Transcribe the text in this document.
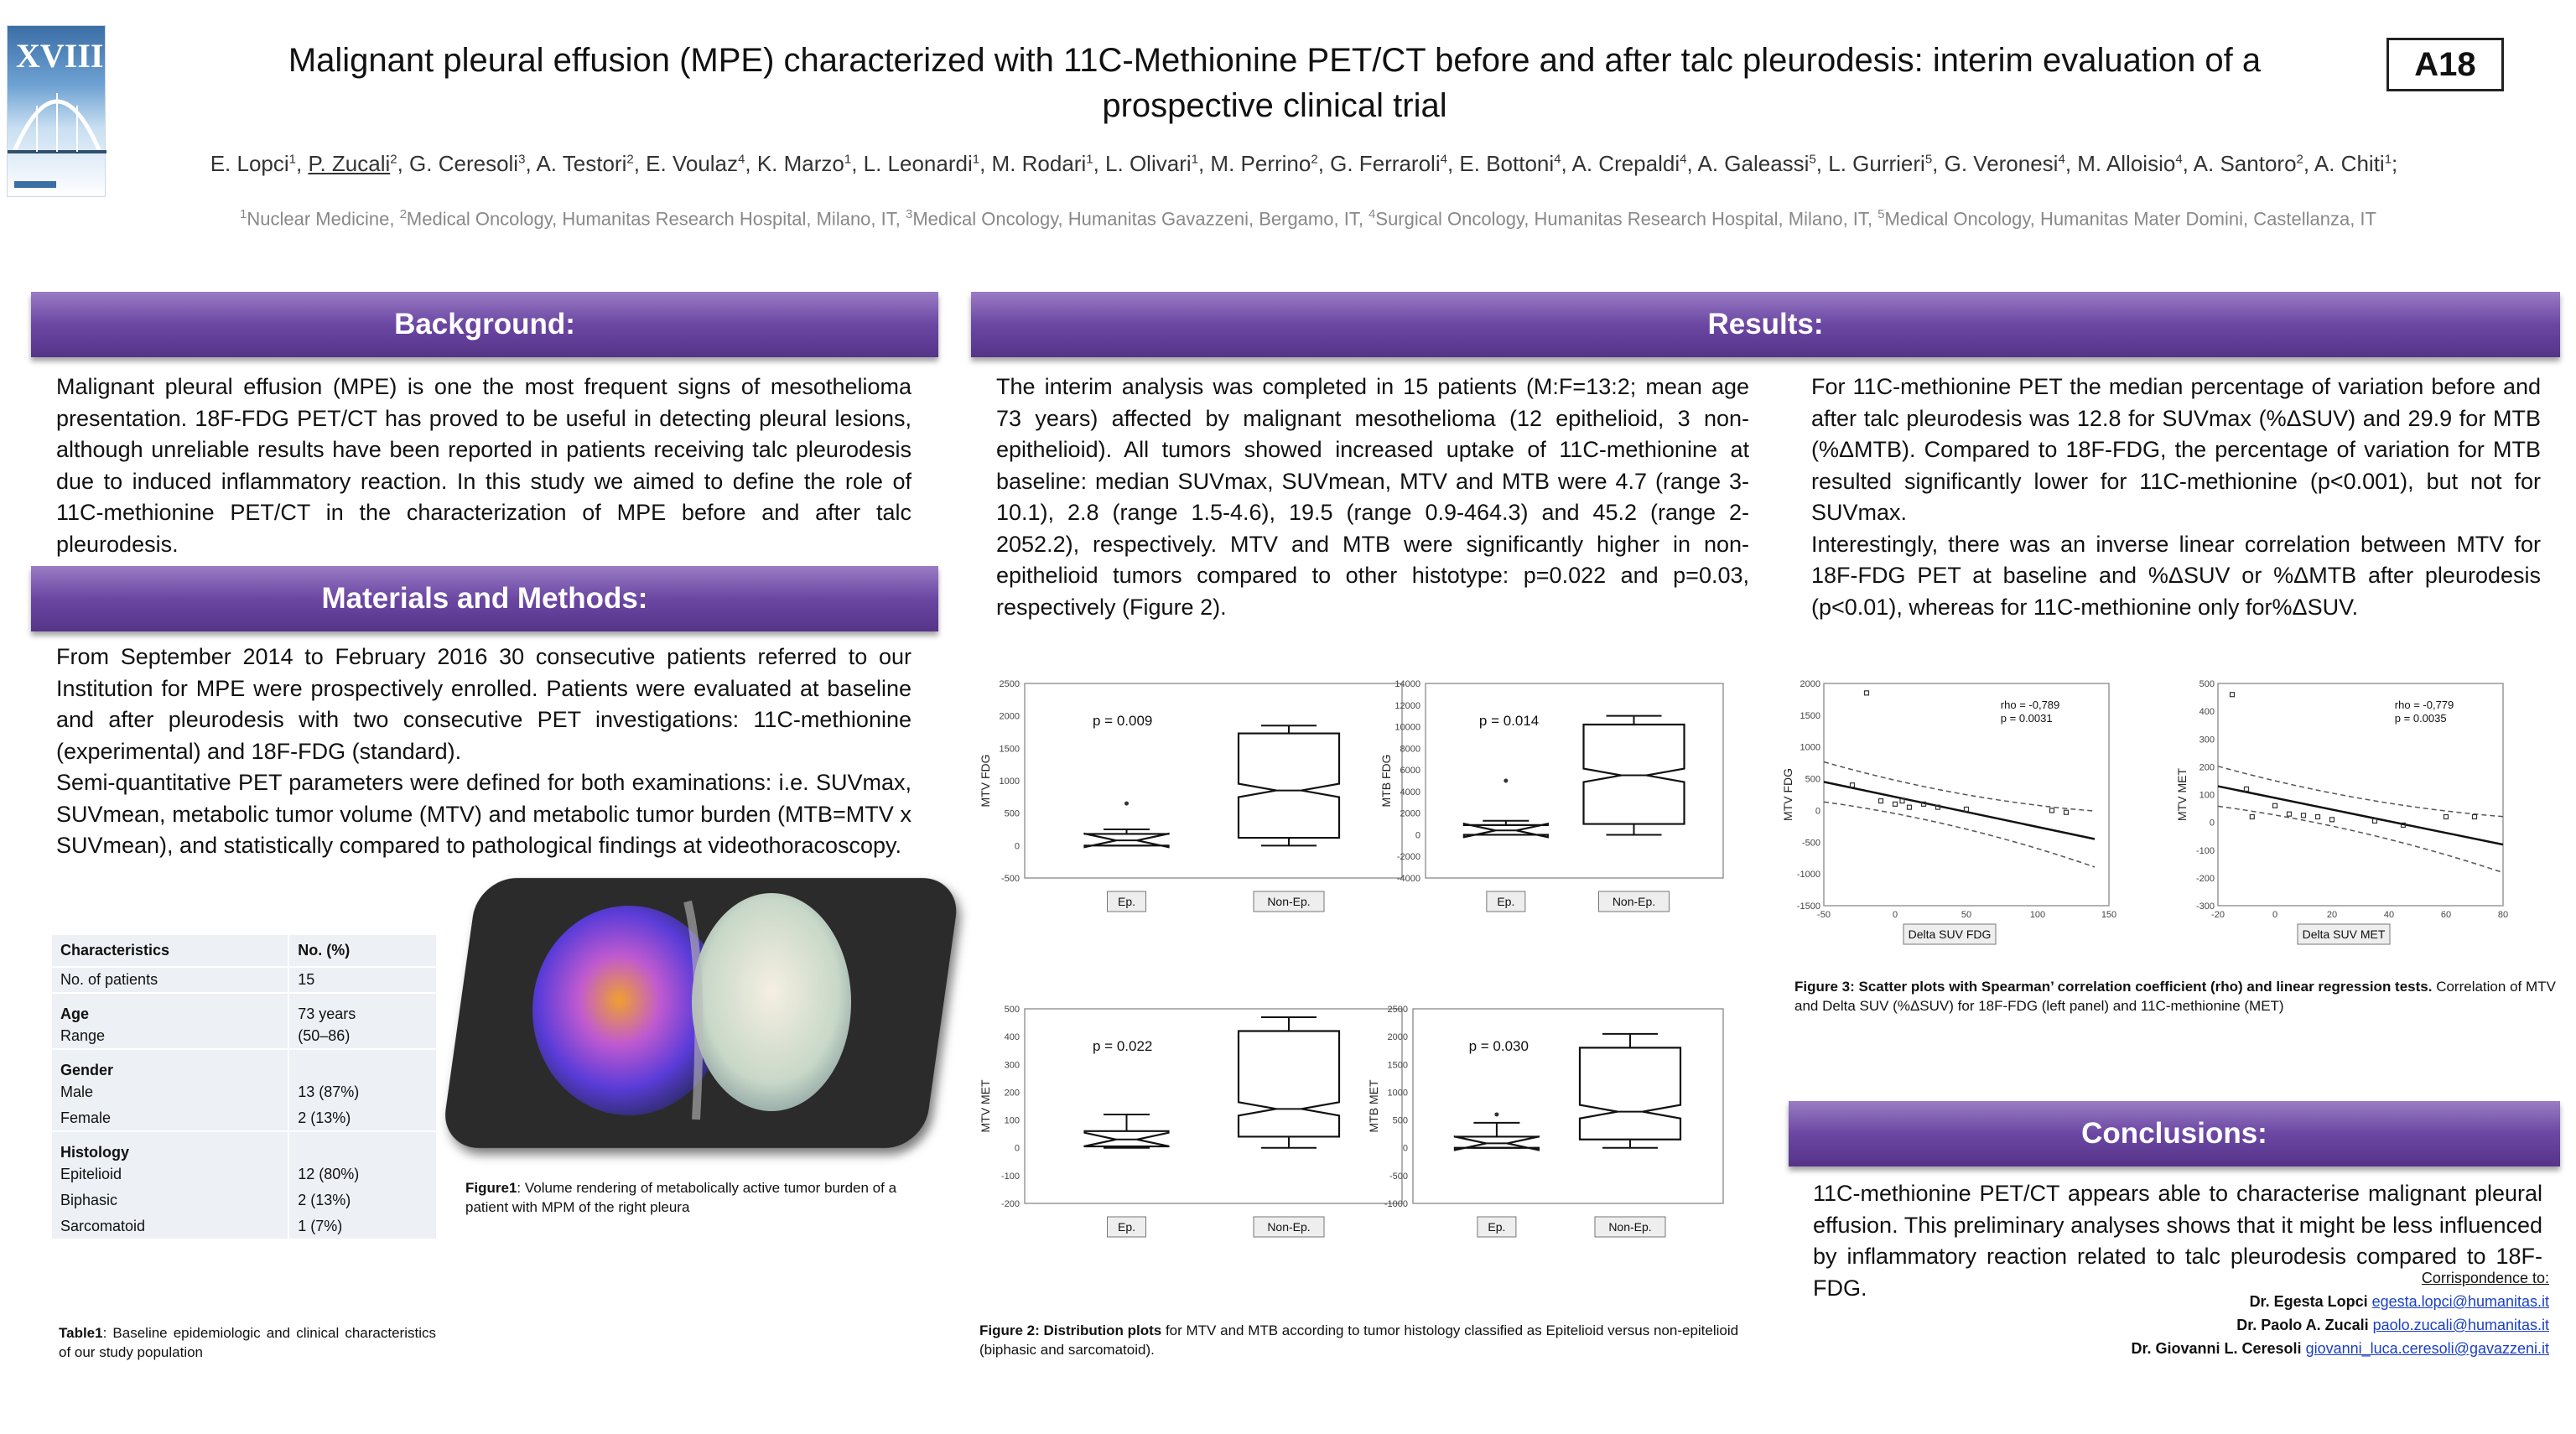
XVIII	Malignant pleural effusion (MPE) characterized with 11C-Methionine PET/CT before and after talc pleurodesis: interim evaluation of a prospective clinical trial
A18
E. Lopci$^1$, P. Zucali$^2$, G. Ceresoli$^3$, A. Testori$^2$, E. Voulaz$^4$, K. Marzo$^1$, L. Leonardi$^1$, M. Rodari$^1$, L. Olivari$^1$, M. Perrino$^2$, G. Ferraroli$^4$, E. Bottoni$^4$, A. Crepaldi$^4$, A. Galeassi$^5$, L. Gurrieri$^5$, G. Veronesi$^4$, M. Alloisio$^4$, A. Santoro$^2$, A. Chiti$^1$;
$^1$Nuclear Medicine, $^2$Medical Oncology, Humanitas Research Hospital, Milano, IT, $^3$Medical Oncology, Humanitas Gavazzeni, Bergamo, IT, $^4$Surgical Oncology, Humanitas Research Hospital, Milano, IT, $^5$Medical Oncology, Humanitas Mater Domini, Castellanza, IT
Background:
Malignant pleural effusion (MPE) is one the most frequent signs of mesothelioma presentation. 18F-FDG PET/CT has proved to be useful in detecting pleural lesions, although unreliable results have been reported in patients receiving talc pleurodesis due to induced inflammatory reaction. In this study we aimed to define the role of 11C-methionine PET/CT in the characterization of MPE before and after talc pleurodesis.
Materials and Methods:
From September 2014 to February 2016 30 consecutive patients referred to our Institution for MPE were prospectively enrolled. Patients were evaluated at baseline and after pleurodesis with two consecutive PET investigations: 11C-methionine (experimental) and 18F-FDG (standard).
Semi-quantitative PET parameters were defined for both examinations: i.e. SUVmax, SUVmean, metabolic tumor volume (MTV) and metabolic tumor burden (MTB=MTV x SUVmean), and statistically compared to pathological findings at videothoracoscopy.
Characteristics	No. (%)
No. of patients	15
Age	73 years
Range	(50–86)
Gender	
Male	13 (87%)
Female	2 (13%)
Histology	
Epitelioid	12 (80%)
Biphasic	2 (13%)
Sarcomatoid	1 (7%)
Table1: Baseline epidemiologic and clinical characteristics of our study population
Figure1: Volume rendering of metabolically active tumor burden of a patient with MPM of the right pleura
Results:
The interim analysis was completed in 15 patients (M:F=13:2; mean age 73 years) affected by malignant mesothelioma (12 epithelioid, 3 non-epithelioid). All tumors showed increased uptake of 11C-methionine at baseline: median SUVmax, SUVmean, MTV and MTB were 4.7 (range 3-10.1), 2.8 (range 1.5-4.6), 19.5 (range 0.9-464.3) and 45.2 (range 2-2052.2), respectively. MTV and MTB were significantly higher in non-epithelioid tumors compared to other histotype: p=0.022 and p=0.03, respectively (Figure 2).
For 11C-methionine PET the median percentage of variation before and after talc pleurodesis was 12.8 for SUVmax (%ΔSUV) and 29.9 for MTB (%ΔMTB). Compared to 18F-FDG, the percentage of variation for MTB resulted significantly lower for 11C-methionine (p<0.001), but not for SUVmax.
Interestingly, there was an inverse linear correlation between MTV for 18F-FDG PET at baseline and %ΔSUV or %ΔMTB after pleurodesis (p<0.01), whereas for 11C-methionine only for%ΔSUV.
2500
2000
1500
1000
500
0
-500
MTV FDG
p = 0.009
Ep.	Non-Ep.
14000
12000
10000
8000
6000
4000
2000
0
-2000
-4000
MTB FDG
p = 0.014
Ep.	Non-Ep.
500
400
300
200
100
0
-100
-200
MTV MET
p = 0.022
Ep.	Non-Ep.
2500
2000
1500
1000
500
0
-500
-1000
MTB MET
p = 0.030
Ep.	Non-Ep.
Figure 2: Distribution plots for MTV and MTB according to tumor histology classified as Epitelioid versus non-epitelioid (biphasic and sarcomatoid).
2000
1500
1000
500
0
-500
-1000
-1500
-50	0	50	100	150
MTV FDG
Delta SUV FDG
rho = -0,789
p = 0.0031
500
400
300
200
100
0
-100
-200
-300
-20	0	20	40	60	80
MTV MET
Delta SUV MET
rho = -0,779
p = 0.0035
Figure 3: Scatter plots with Spearman’ correlation coefficient (rho) and linear regression tests. Correlation of MTV and Delta SUV (%ΔSUV) for 18F-FDG (left panel) and 11C-methionine (MET)
Conclusions:
11C-methionine PET/CT appears able to characterise malignant pleural effusion. This preliminary analyses shows that it might be less influenced by inflammatory reaction related to talc pleurodesis compared to 18F-FDG.	Corrispondence to:
Dr. Egesta Lopci egesta.lopci@humanitas.it
Dr. Paolo A. Zucali paolo.zucali@humanitas.it
Dr. Giovanni L. Ceresoli giovanni_luca.ceresoli@gavazzeni.it
